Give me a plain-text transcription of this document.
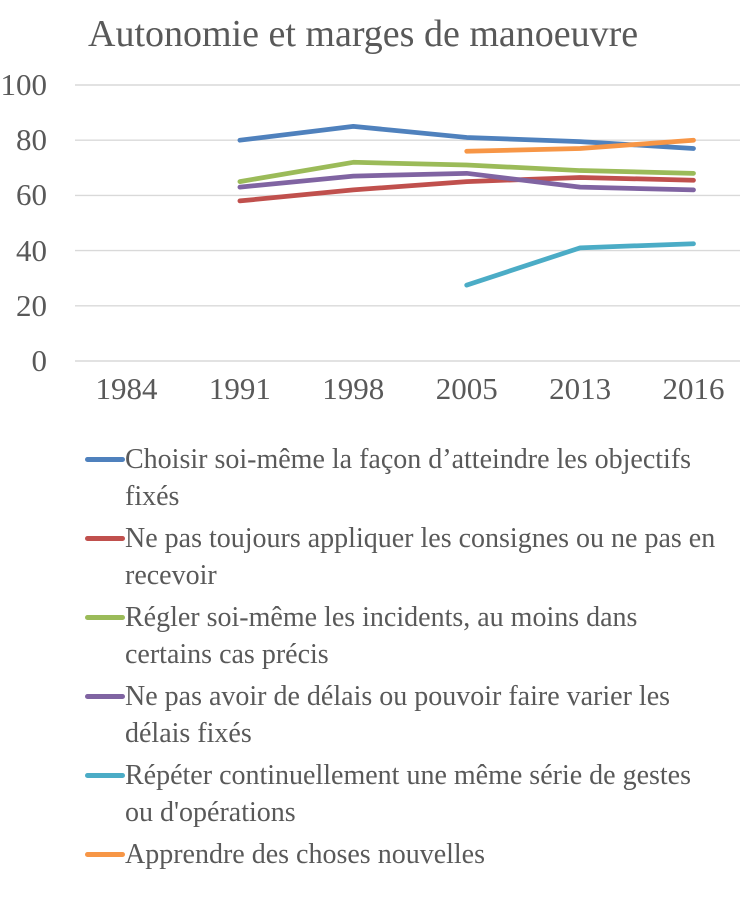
Autonomie et marges de manoeuvre
0
20
40
60
80
100
1984	1991	1998	2005	2013	2016
Choisir soi-même la façon d’atteindre les objectifs fixés
Ne pas toujours appliquer les consignes ou ne pas en recevoir
Régler soi-même les incidents, au moins dans certains cas précis
Ne pas avoir de délais ou pouvoir faire varier les délais fixés
Répéter continuellement une même série de gestes ou d'opérations
Apprendre des choses nouvelles
